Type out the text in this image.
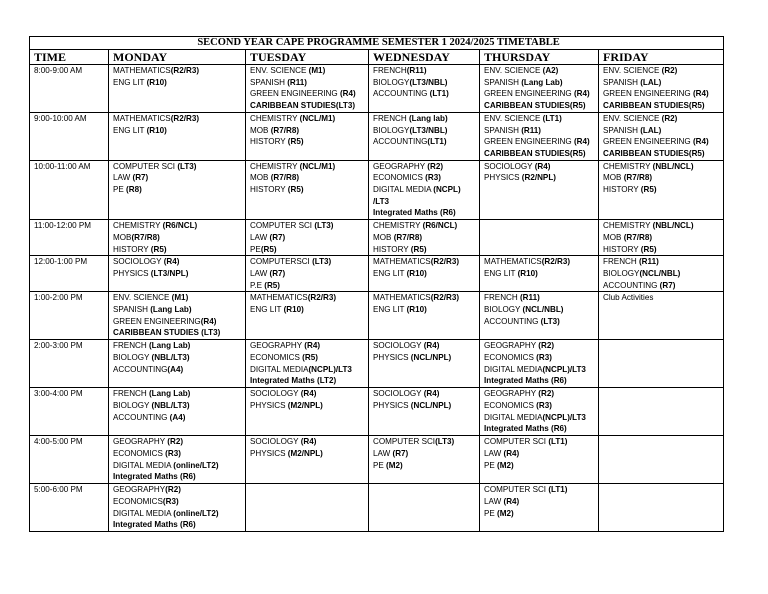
SECOND YEAR CAPE PROGRAMME SEMESTER 1 2024/2025 TIMETABLE					
TIME	MONDAY	TUESDAY	WEDNESDAY	THURSDAY	FRIDAY
8:00-9:00 AM	MATHEMATICS(R2/R3)
ENG LIT (R10)	ENV. SCIENCE (M1)
SPANISH (R11)
GREEN ENGINEERING (R4)
CARIBBEAN STUDIES(LT3)	FRENCH(R11)
BIOLOGY(LT3/NBL)
ACCOUNTING (LT1)	ENV. SCIENCE (A2)
SPANISH (Lang Lab)
GREEN ENGINEERING (R4)
CARIBBEAN STUDIES(R5)	ENV. SCIENCE (R2)
SPANISH (LAL)
GREEN ENGINEERING (R4)
CARIBBEAN STUDIES(R5)

9:00-10:00 AM	MATHEMATICS(R2/R3)
ENG LIT (R10)	CHEMISTRY (NCL/M1)
MOB (R7/R8)
HISTORY (R5)	FRENCH (Lang lab)
BIOLOGY(LT3/NBL)
ACCOUNTING(LT1)	ENV. SCIENCE (LT1)
SPANISH (R11)
GREEN ENGINEERING (R4)
CARIBBEAN STUDIES(R5)	ENV. SCIENCE (R2)
SPANISH (LAL)
GREEN ENGINEERING (R4)
CARIBBEAN STUDIES(R5)

10:00-11:00 AM	COMPUTER SCI (LT3)
LAW (R7)
PE (R8)	CHEMISTRY (NCL/M1)
MOB (R7/R8)
HISTORY (R5)	GEOGRAPHY (R2)
ECONOMICS (R3)
DIGITAL MEDIA (NCPL)
/LT3
Integrated Maths (R6)	SOCIOLOGY (R4)
PHYSICS (R2/NPL)	CHEMISTRY (NBL/NCL)
MOB (R7/R8)
HISTORY (R5)

11:00-12:00 PM	CHEMISTRY (R6/NCL)
MOB(R7/R8)
HISTORY (R5)	COMPUTER SCI (LT3)
LAW (R7)
PE(R5)	CHEMISTRY (R6/NCL)
MOB (R7/R8)
HISTORY (R5)		CHEMISTRY (NBL/NCL)
MOB (R7/R8)
HISTORY (R5)

12:00-1:00 PM	SOCIOLOGY (R4)
PHYSICS (LT3/NPL)	COMPUTERSCI (LT3)
LAW (R7)
P.E (R5)	MATHEMATICS(R2/R3)
ENG LIT (R10)	MATHEMATICS(R2/R3)
ENG LIT (R10)	FRENCH (R11)
BIOLOGY(NCL/NBL)
ACCOUNTING (R7)

1:00-2:00 PM	ENV. SCIENCE (M1)
SPANISH (Lang Lab)
GREEN ENGINEERING(R4)
CARIBBEAN STUDIES (LT3)	MATHEMATICS(R2/R3)
ENG LIT (R10)	MATHEMATICS(R2/R3)
ENG LIT (R10)	FRENCH (R11)
BIOLOGY (NCL/NBL)
ACCOUNTING (LT3)	Club Activities

2:00-3:00 PM	FRENCH (Lang Lab)
BIOLOGY (NBL/LT3)
ACCOUNTING(A4)	GEOGRAPHY (R4)
ECONOMICS (R5)
DIGITAL MEDIA(NCPL)/LT3
Integrated Maths (LT2)	SOCIOLOGY (R4)
PHYSICS (NCL/NPL)	GEOGRAPHY (R2)
ECONOMICS (R3)
DIGITAL MEDIA(NCPL)/LT3
Integrated Maths (R6)	

3:00-4:00 PM	FRENCH (Lang Lab)
BIOLOGY (NBL/LT3)
ACCOUNTING (A4)	SOCIOLOGY (R4)
PHYSICS (M2/NPL)	SOCIOLOGY (R4)
PHYSICS (NCL/NPL)	GEOGRAPHY (R2)
ECONOMICS (R3)
DIGITAL MEDIA(NCPL)/LT3
Integrated Maths (R6)	

4:00-5:00 PM	GEOGRAPHY (R2)
ECONOMICS (R3)
DIGITAL MEDIA (online/LT2)
Integrated Maths (R6)	SOCIOLOGY (R4)
PHYSICS (M2/NPL)	COMPUTER SCI(LT3)
LAW (R7)
PE (M2)	COMPUTER SCI (LT1)
LAW (R4)
PE (M2)	

5:00-6:00 PM	GEOGRAPHY(R2)
ECONOMICS(R3)
DIGITAL MEDIA (online/LT2)
Integrated Maths (R6)			COMPUTER SCI (LT1)
LAW (R4)
PE (M2)	
